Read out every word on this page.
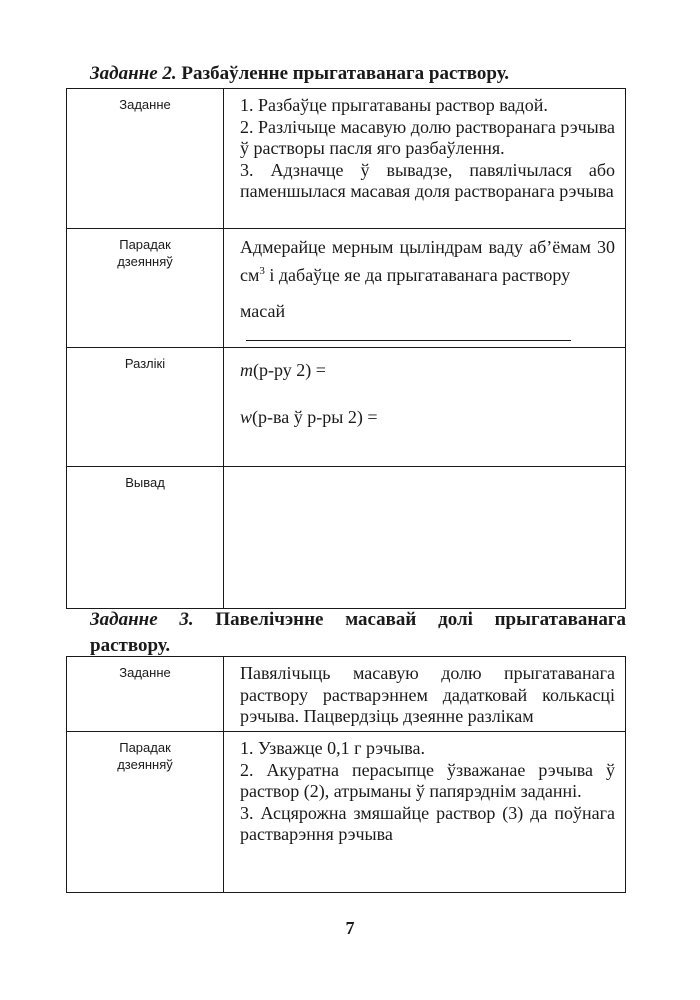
Заданне 2. Разбаўленне прыгатаванага раствору.

Заданне	1. Разбаўце прыгатаваны раствор вадой.
2. Разлічыце масавую долю растворанага рэчыва ў растворы пасля яго разбаўлення.
3. Адзначце ў вывадзе, павялічылася або паменшылася масавая доля растворанага рэчыва

Парадак
дзеянняў	Адмерайце мерным цыліндрам ваду аб’ёмам 30 $см^3$ і дабаўце яе да прыгатаванага раствору
масай

Разлікі	m(р-ру 2) =
w(р-ва ў р-ры 2) =

Вывад	

Заданне 3. Павелічэнне масавай долі прыгатаванага раствору.

Заданне	Павялічыць масавую долю прыгатаванага раствору растварэннем дадатковай колькасці рэчыва. Пацвердзіць дзеянне разлікам

Парадак
дзеянняў	1. Узважце 0,1 г рэчыва.
2. Акуратна перасыпце ўзважанае рэчыва ў раствор (2), атрыманы ў папярэднім заданні.
3. Асцярожна змяшайце раствор (3) да поўнага растварэння рэчыва
7
